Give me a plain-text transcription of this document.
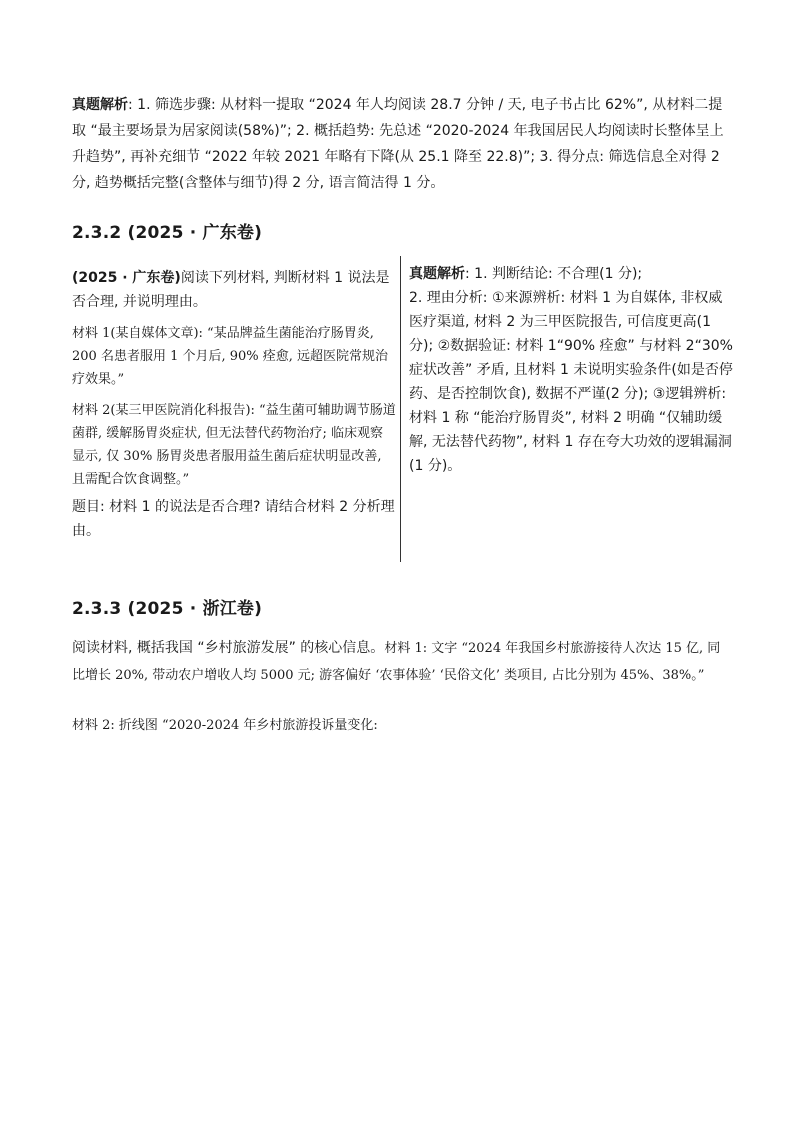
真题解析: 1. 筛选步骤: 从材料一提取 “2024 年人均阅读 28.7 分钟 / 天, 电子书占比 62%”, 从材料二提取 “最主要场景为居家阅读(58%)”; 2. 概括趋势: 先总述 “2020-2024 年我国居民人均阅读时长整体呈上升趋势”, 再补充细节 “2022 年较 2021 年略有下降(从 25.1 降至 22.8)”; 3. 得分点: 筛选信息全对得 2 分, 趋势概括完整(含整体与细节)得 2 分, 语言简洁得 1 分。

2.3.2 (2025 · 广东卷)

(2025 · 广东卷)阅读下列材料, 判断材料 1 说法是否合理, 并说明理由。

材料 1(某自媒体文章): “某品牌益生菌能治疗肠胃炎, 200 名患者服用 1 个月后, 90% 痊愈, 远超医院常规治疗效果。”

材料 2(某三甲医院消化科报告): “益生菌可辅助调节肠道菌群, 缓解肠胃炎症状, 但无法替代药物治疗; 临床观察显示, 仅 30% 肠胃炎患者服用益生菌后症状明显改善, 且需配合饮食调整。”

题目: 材料 1 的说法是否合理? 请结合材料 2 分析理由。

真题解析: 1. 判断结论: 不合理(1 分);

2. 理由分析: ①来源辨析: 材料 1 为自媒体, 非权威医疗渠道, 材料 2 为三甲医院报告, 可信度更高(1 分); ②数据验证: 材料 1“90% 痊愈” 与材料 2“30% 症状改善” 矛盾, 且材料 1 未说明实验条件(如是否停药、是否控制饮食), 数据不严谨(2 分); ③逻辑辨析: 材料 1 称 “能治疗肠胃炎”, 材料 2 明确 “仅辅助缓解, 无法替代药物”, 材料 1 存在夸大功效的逻辑漏洞(1 分)。

2.3.3 (2025 · 浙江卷)

阅读材料, 概括我国 “乡村旅游发展” 的核心信息。材料 1: 文字 “2024 年我国乡村旅游接待人次达 15 亿, 同比增长 20%, 带动农户增收人均 5000 元; 游客偏好 ‘农事体验’ ‘民俗文化’ 类项目, 占比分别为 45%、38%。”

材料 2: 折线图 “2020-2024 年乡村旅游投诉量变化:
